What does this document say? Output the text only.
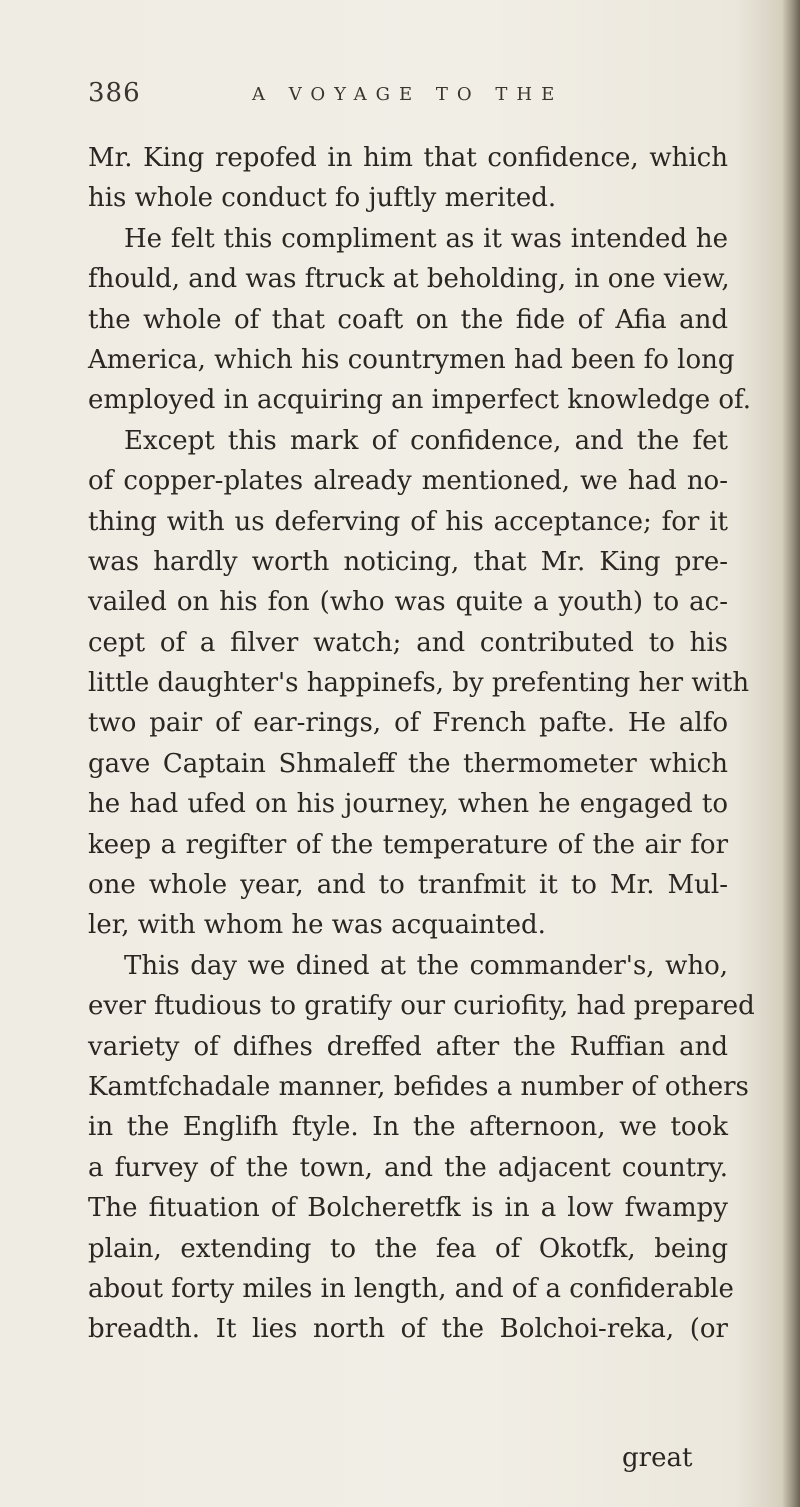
386	A VOYAGE TO THE
Mr. King repofed in him that confidence, which
his whole conduct fo juftly merited.
He felt this compliment as it was intended he
fhould, and was ftruck at beholding, in one view,
the whole of that coaft on the fide of Afia and
America, which his countrymen had been fo long
employed in acquiring an imperfect knowledge of.
Except this mark of confidence, and the fet
of copper-plates already mentioned, we had no-
thing with us deferving of his acceptance; for it
was hardly worth noticing, that Mr. King pre-
vailed on his fon (who was quite a youth) to ac-
cept of a filver watch; and contributed to his
little daughter's happinefs, by prefenting her with
two pair of ear-rings, of French pafte. He alfo
gave Captain Shmaleff the thermometer which
he had ufed on his journey, when he engaged to
keep a regifter of the temperature of the air for
one whole year, and to tranfmit it to Mr. Mul-
ler, with whom he was acquainted.
This day we dined at the commander's, who,
ever ftudious to gratify our curiofity, had prepared
variety of difhes dreffed after the Ruffian and
Kamtfchadale manner, befides a number of others
in the Englifh ftyle. In the afternoon, we took
a furvey of the town, and the adjacent country.
The fituation of Bolcheretfk is in a low fwampy
plain, extending to the fea of Okotfk, being
about forty miles in length, and of a confiderable
breadth. It lies north of the Bolchoi-reka, (or
great
